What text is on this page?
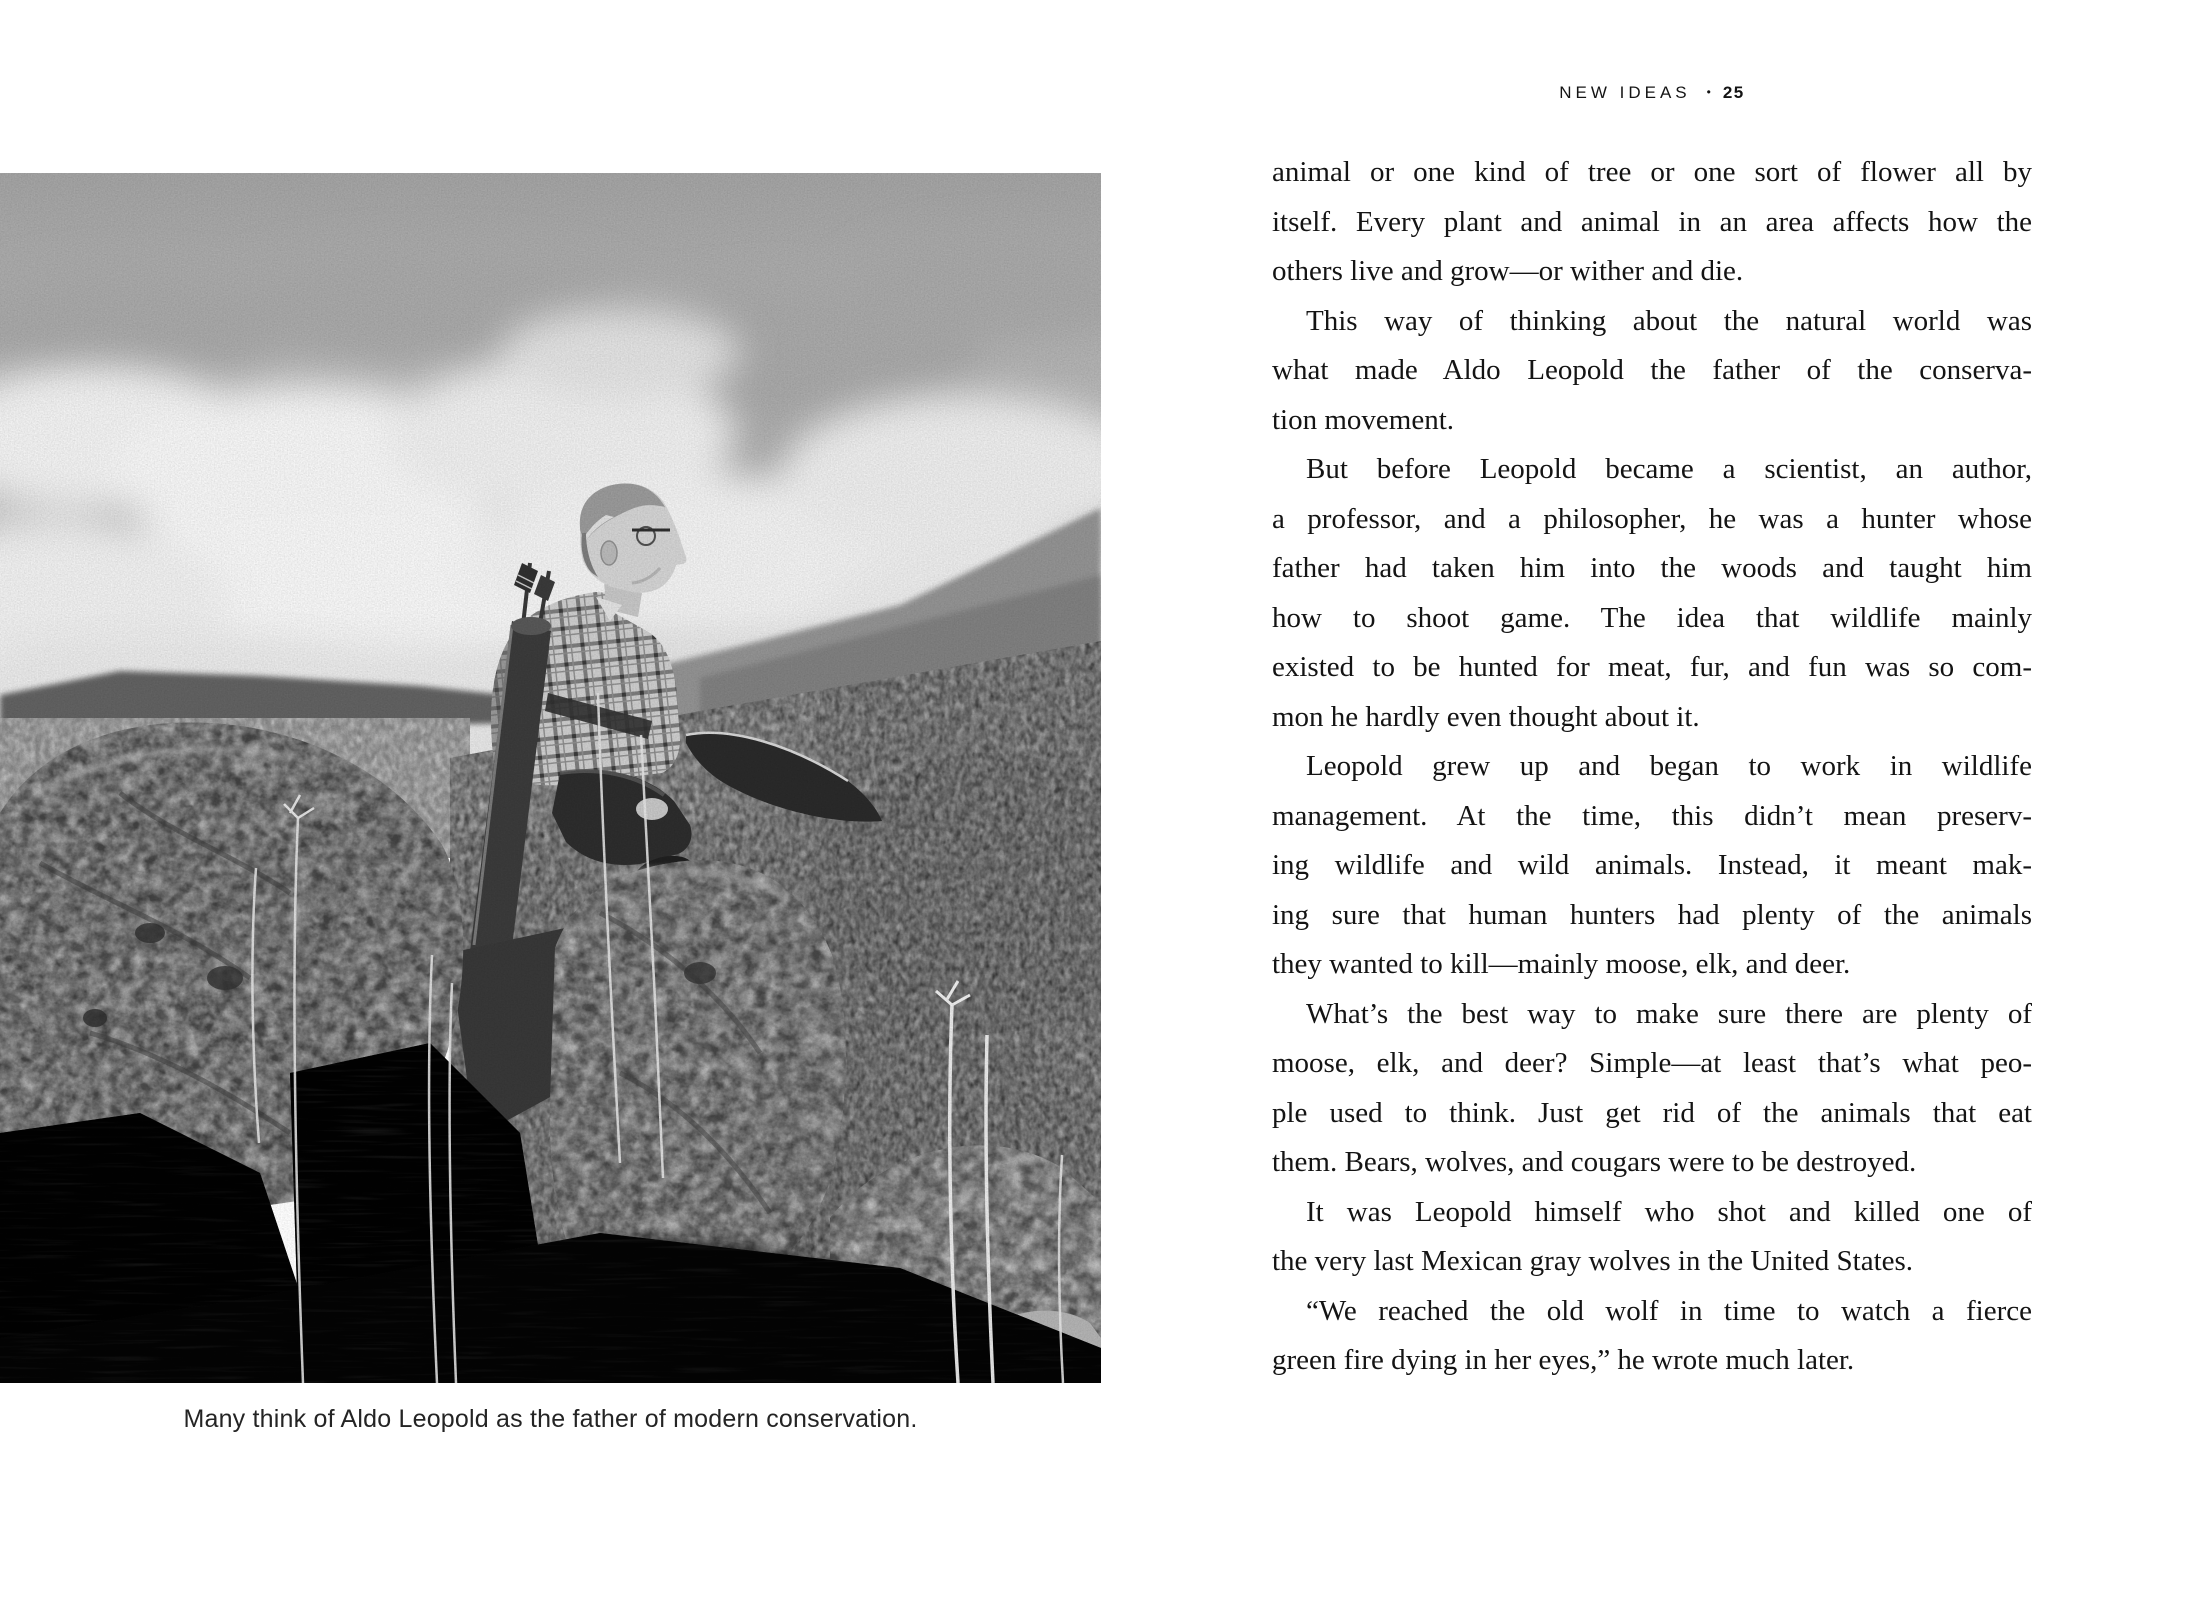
NEW IDEAS • 25
Many think of Aldo Leopold as the father of modern conservation.
animal or one kind of tree or one sort of flower all by
itself. Every plant and animal in an area affects how the
others live and grow—or wither and die.
This way of thinking about the natural world was
what made Aldo Leopold the father of the conserva-
tion movement.
But before Leopold became a scientist, an author,
a professor, and a philosopher, he was a hunter whose
father had taken him into the woods and taught him
how to shoot game. The idea that wildlife mainly
existed to be hunted for meat, fur, and fun was so com-
mon he hardly even thought about it.
Leopold grew up and began to work in wildlife
management. At the time, this didn’t mean preserv-
ing wildlife and wild animals. Instead, it meant mak-
ing sure that human hunters had plenty of the animals
they wanted to kill—mainly moose, elk, and deer.
What’s the best way to make sure there are plenty of
moose, elk, and deer? Simple—at least that’s what peo-
ple used to think. Just get rid of the animals that eat
them. Bears, wolves, and cougars were to be destroyed.
It was Leopold himself who shot and killed one of
the very last Mexican gray wolves in the United States.
“We reached the old wolf in time to watch a fierce
green fire dying in her eyes,” he wrote much later.
